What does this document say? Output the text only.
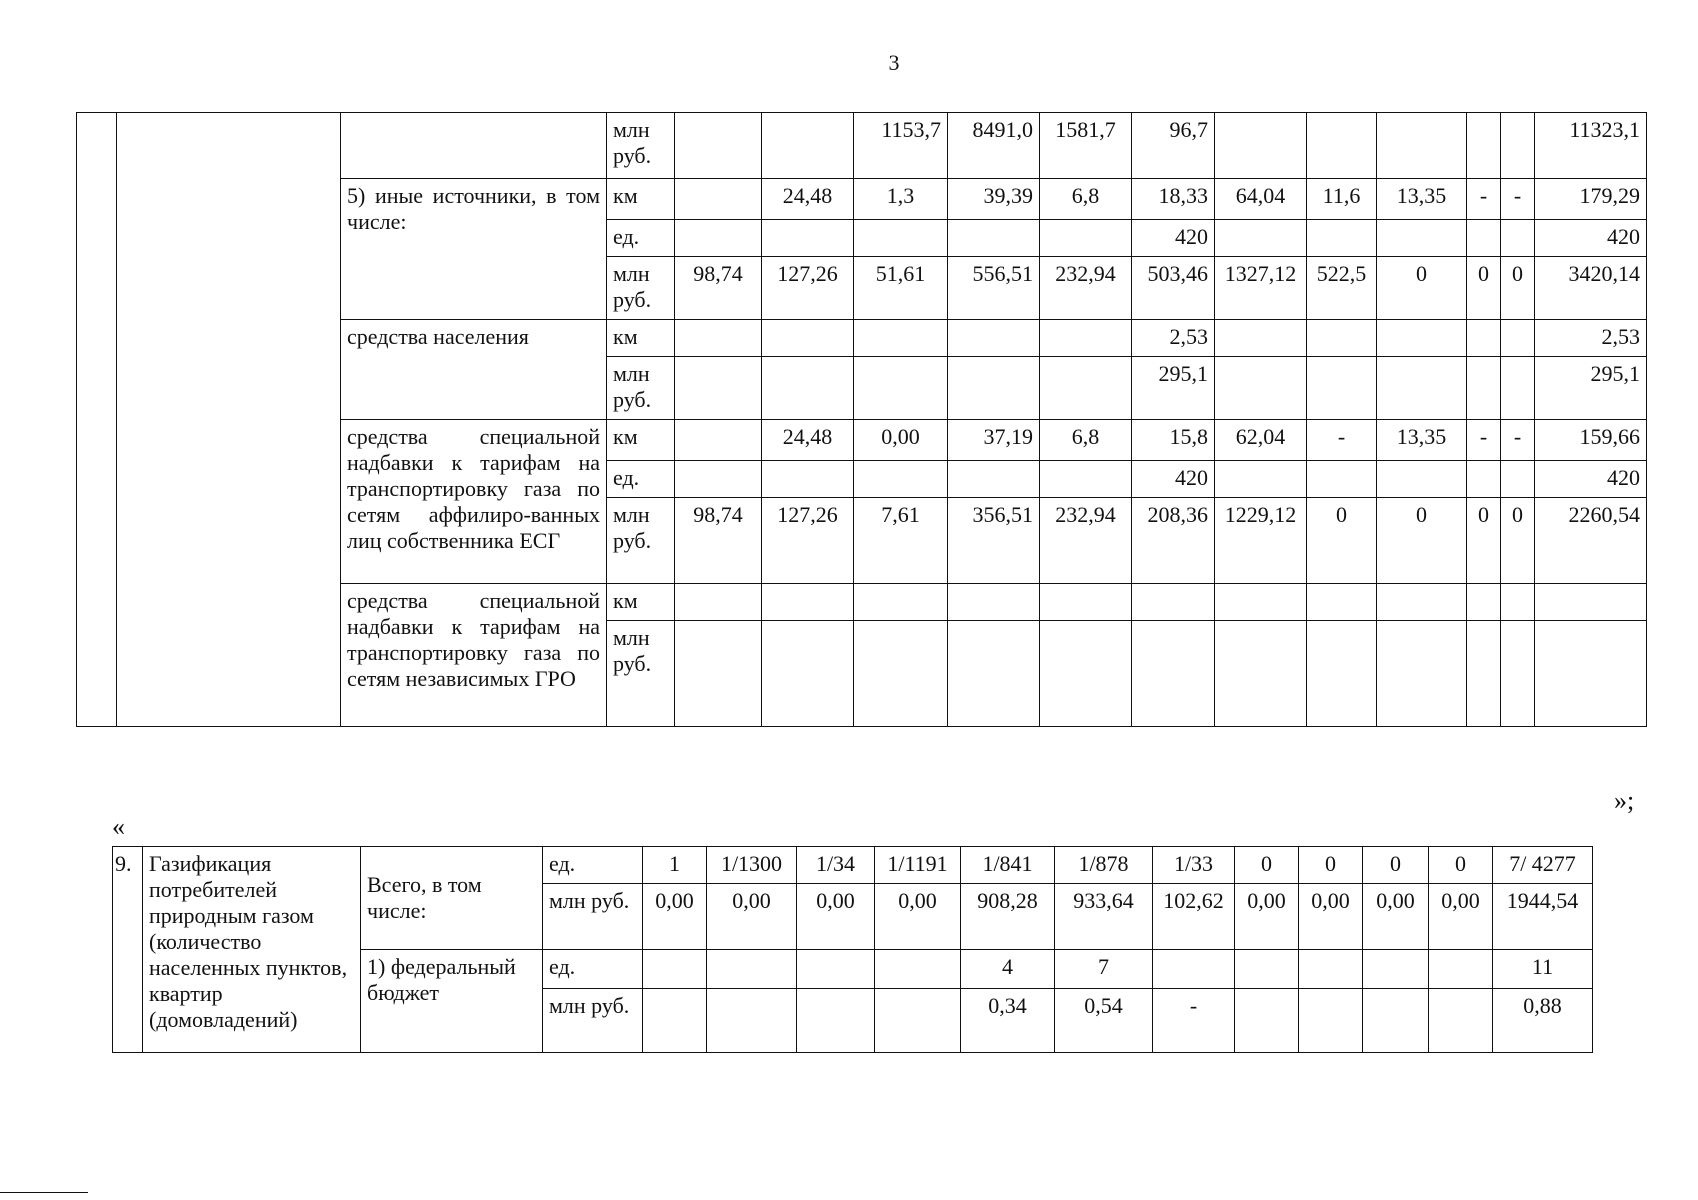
3
			млн руб.			1153,7	8491,0	1581,7	96,7						11323,1
		5) иные источники, в том числе:	км		24,48	1,3	39,39	6,8	18,33	64,04	11,6	13,35	-	-	179,29
			ед.						420						420
			млн руб.	98,74	127,26	51,61	556,51	232,94	503,46	1327,12	522,5	0	0	0	3420,14
		средства населения	км						2,53						2,53
			млн руб.						295,1						295,1
		средства специальной надбавки к тарифам на транспортировку газа по сетям аффилиро-ванных лиц собственника ЕСГ	км		24,48	0,00	37,19	6,8	15,8	62,04	-	13,35	-	-	159,66
			ед.						420						420
			млн руб.	98,74	127,26	7,61	356,51	232,94	208,36	1229,12	0	0	0	0	2260,54
		средства специальной надбавки к тарифам на транспортировку газа по сетям независимых ГРО	км												
			млн руб.												
»;
«
9.	Газификация потребителей природным газом (количество населенных пунктов, квартир (домовладений)	Всего, в том числе:	ед.	1	1/1300	1/34	1/1191	1/841	1/878	1/33	0	0	0	0	7/ 4277
			млн руб.	0,00	0,00	0,00	0,00	908,28	933,64	102,62	0,00	0,00	0,00	0,00	1944,54
		1) федеральный бюджет	ед.					4	7						11
			млн руб.					0,34	0,54	-					0,88
